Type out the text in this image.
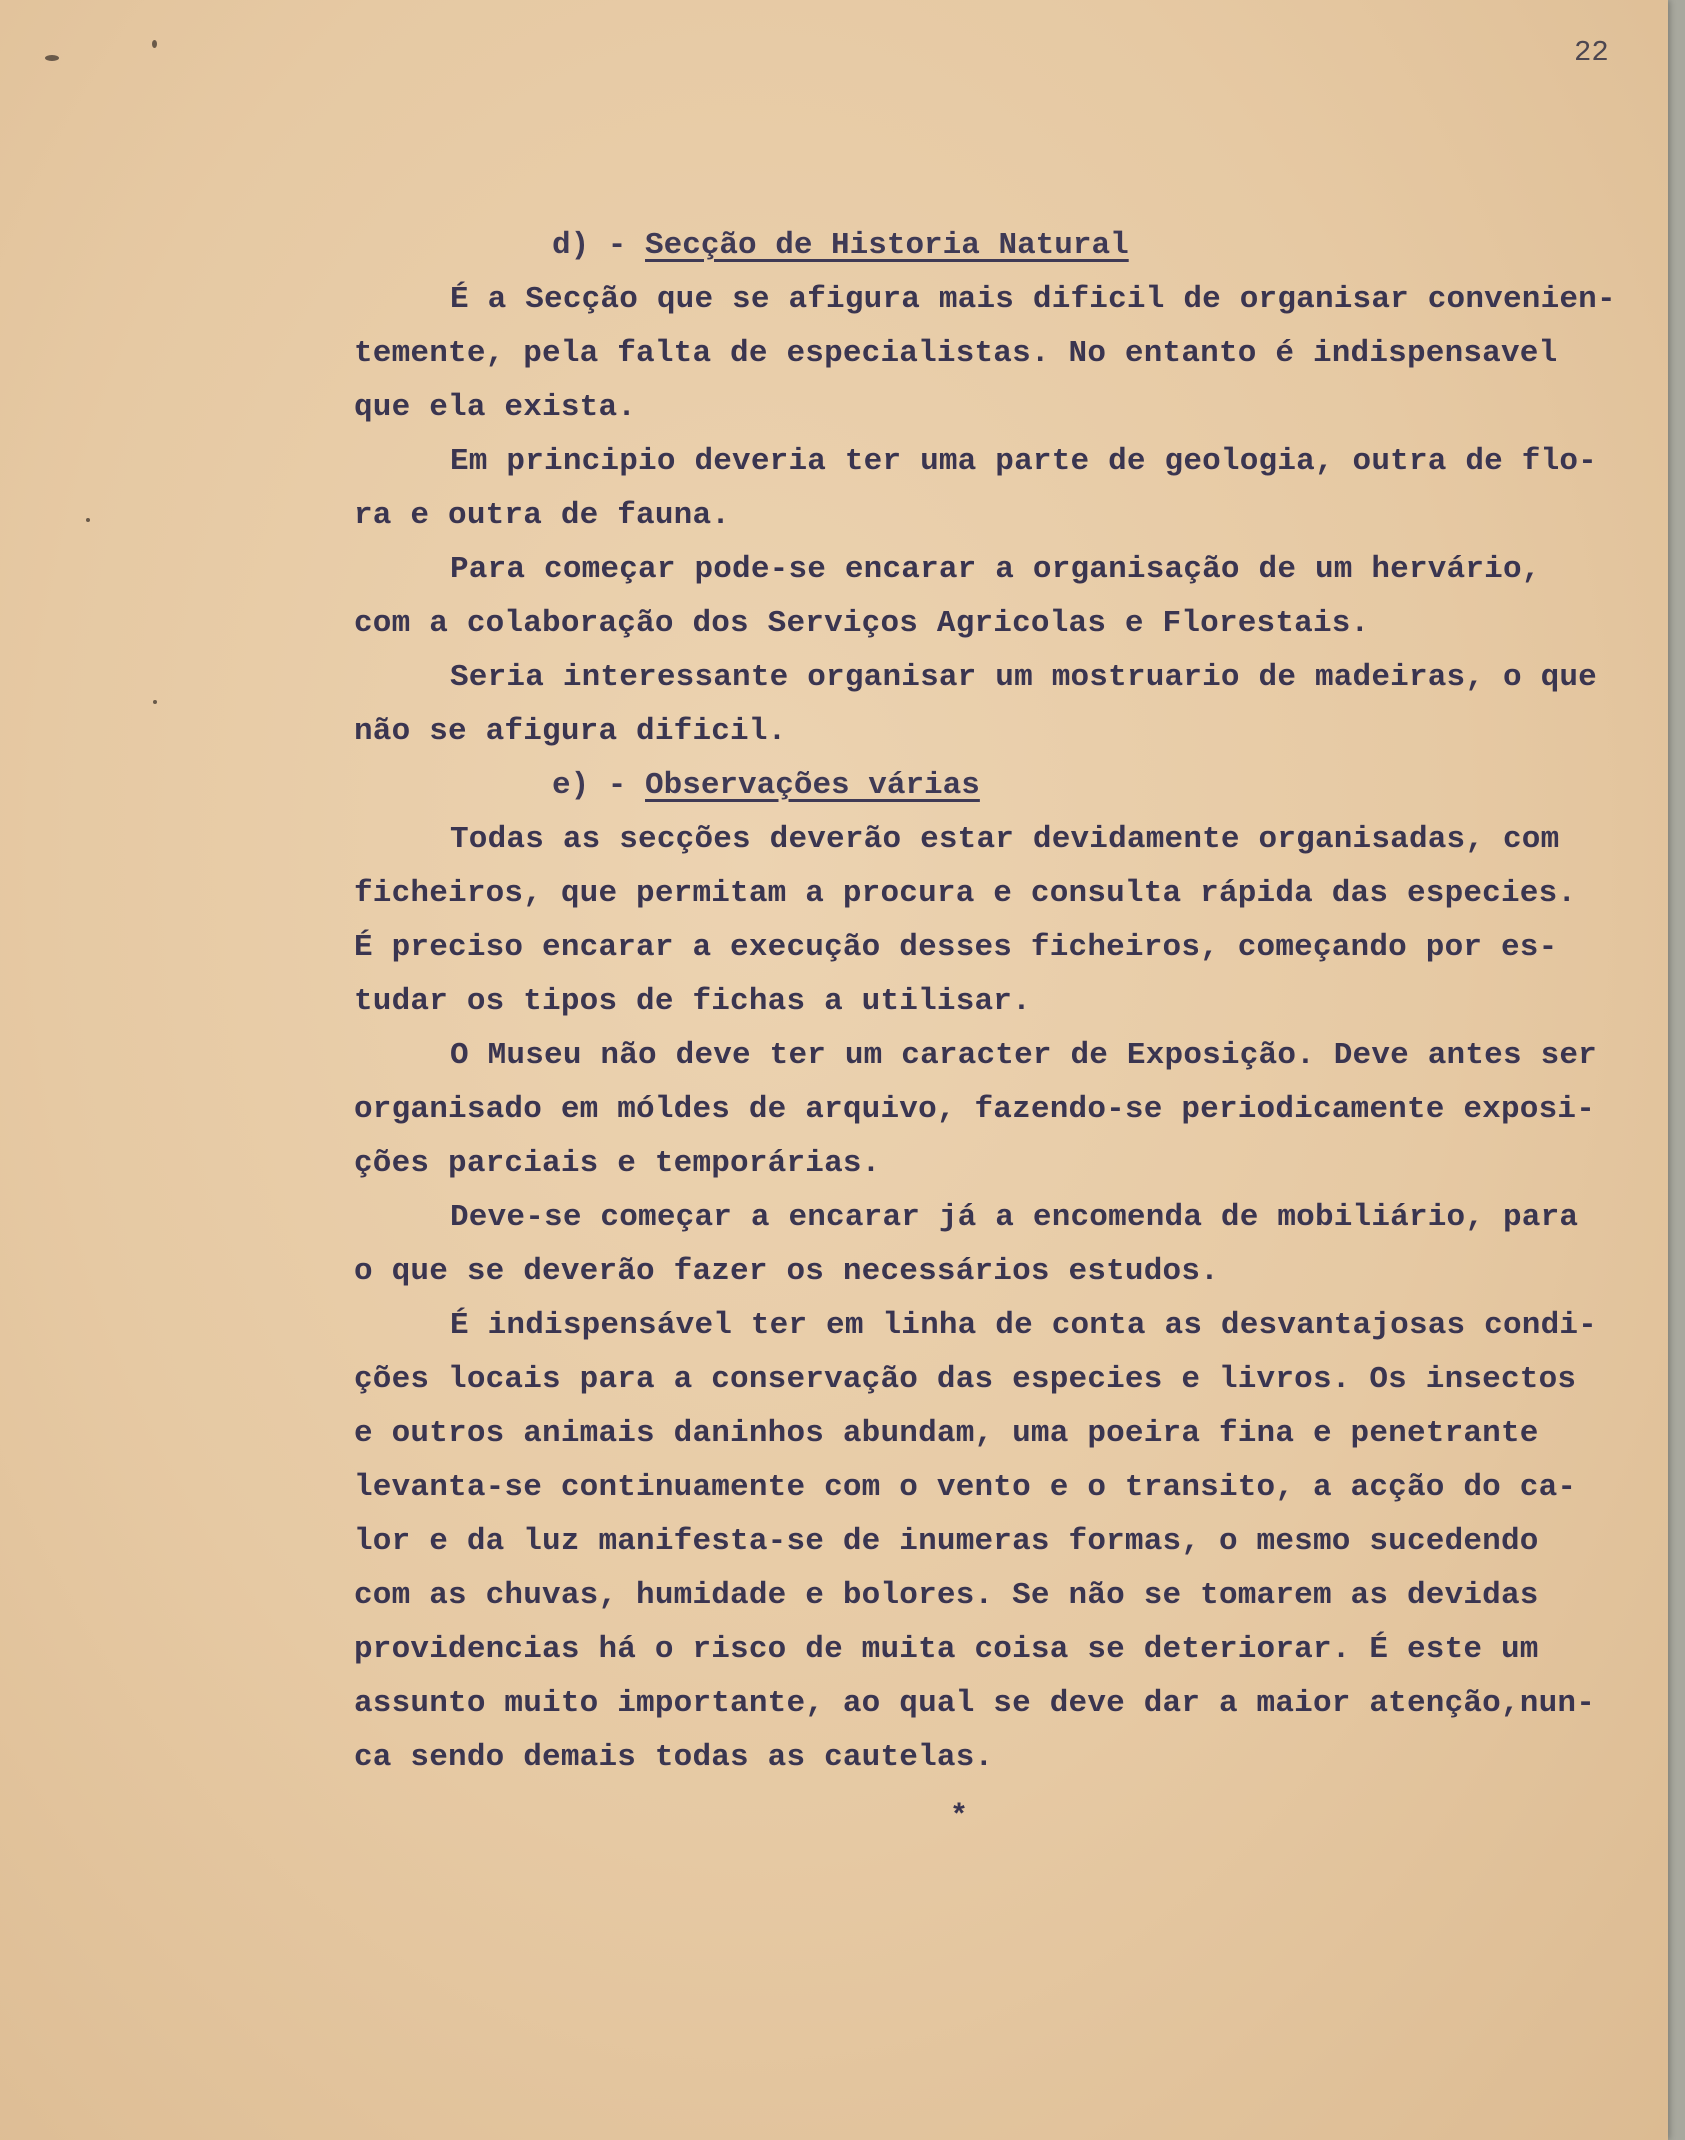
22
d) - Secção de Historia Natural
É a Secção que se afigura mais dificil de organisar convenien-
temente, pela falta de especialistas. No entanto é indispensavel
que ela exista.
Em principio deveria ter uma parte de geologia, outra de flo-
ra e outra de fauna.
Para começar pode-se encarar a organisação de um hervário,
com a colaboração dos Serviços Agricolas e Florestais.
Seria interessante organisar um mostruario de madeiras, o que
não se afigura dificil.
e) - Observações várias
Todas as secções deverão estar devidamente organisadas, com
ficheiros, que permitam a procura e consulta rápida das especies.
É preciso encarar a execução desses ficheiros, começando por es-
tudar os tipos de fichas a utilisar.
O Museu não deve ter um caracter de Exposição. Deve antes ser
organisado em móldes de arquivo, fazendo-se periodicamente exposi-
ções parciais e temporárias.
Deve-se começar a encarar já a encomenda de mobiliário, para
o que se deverão fazer os necessários estudos.
É indispensável ter em linha de conta as desvantajosas condi-
ções locais para a conservação das especies e livros. Os insectos
e outros animais daninhos abundam, uma poeira fina e penetrante
levanta-se continuamente com o vento e o transito, a acção do ca-
lor e da luz manifesta-se de inumeras formas, o mesmo sucedendo
com as chuvas, humidade e bolores. Se não se tomarem as devidas
providencias há o risco de muita coisa se deteriorar. É este um
assunto muito importante, ao qual se deve dar a maior atenção,nun-
ca sendo demais todas as cautelas.
*
